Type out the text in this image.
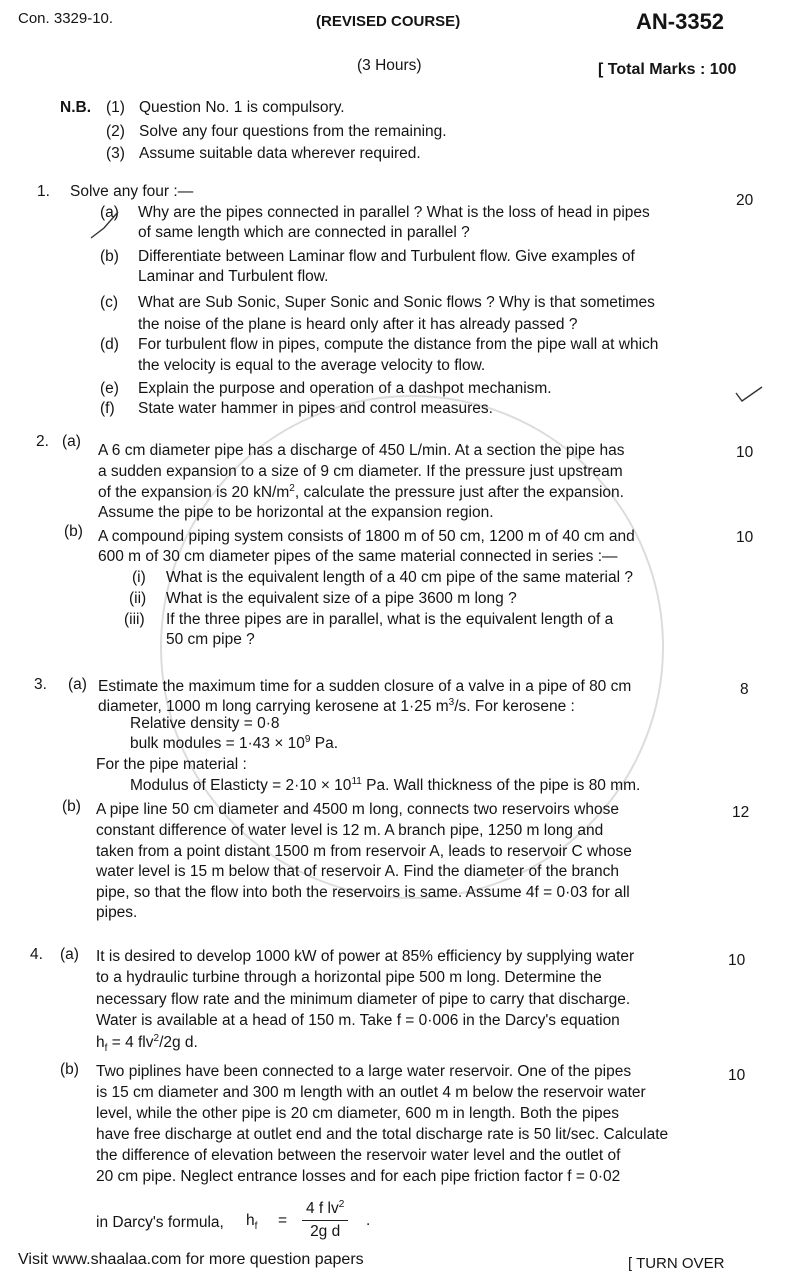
Con. 3329-10.	(REVISED COURSE)	AN-3352
(3 Hours)	[ Total Marks : 100
N.B. (1) Question No. 1 is compulsory.
(2) Solve any four questions from the remaining.
(3) Assume suitable data wherever required.
1. Solve any four :—
20
(a) Why are the pipes connected in parallel ? What is the loss of head in pipes
of same length which are connected in parallel ?
(b) Differentiate between Laminar flow and Turbulent flow. Give examples of
Laminar and Turbulent flow.
(c) What are Sub Sonic, Super Sonic and Sonic flows ? Why is that sometimes
the noise of the plane is heard only after it has already passed ?
(d) For turbulent flow in pipes, compute the distance from the pipe wall at which
the velocity is equal to the average velocity to flow.
(e) Explain the purpose and operation of a dashpot mechanism.
(f) State water hammer in pipes and control measures.
2. (a)
10
A 6 cm diameter pipe has a discharge of 450 L/min. At a section the pipe has
a sudden expansion to a size of 9 cm diameter. If the pressure just upstream
of the expansion is 20 $kN/m^2$, calculate the pressure just after the expansion.
Assume the pipe to be horizontal at the expansion region.
(b)	10
A compound piping system consists of 1800 m of 50 cm, 1200 m of 40 cm and
600 m of 30 cm diameter pipes of the same material connected in series :—
(i) What is the equivalent length of a 40 cm pipe of the same material ?
(ii) What is the equivalent size of a pipe 3600 m long ?
(iii) If the three pipes are in parallel, what is the equivalent length of a
50 cm pipe ?
3. (a)	8
Estimate the maximum time for a sudden closure of a valve in a pipe of 80 cm
diameter, 1000 m long carrying kerosene at 1·25 $m^3/s$. For kerosene :
Relative density = 0·8
bulk modules = $1\cdot 43 \times 10^9$ Pa.
For the pipe material :
Modulus of Elasticty = $2\cdot 10 \times 10^{11}$ Pa. Wall thickness of the pipe is 80 mm.
(b)	12
A pipe line 50 cm diameter and 4500 m long, connects two reservoirs whose
constant difference of water level is 12 m. A branch pipe, 1250 m long and
taken from a point distant 1500 m from reservoir A, leads to reservoir C whose
water level is 15 m below that of reservoir A. Find the diameter of the branch
pipe, so that the flow into both the reservoirs is same. Assume 4f = 0·03 for all
pipes.
4. (a)	10
It is desired to develop 1000 kW of power at 85% efficiency by supplying water
to a hydraulic turbine through a horizontal pipe 500 m long. Determine the
necessary flow rate and the minimum diameter of pipe to carry that discharge.
Water is available at a head of 150 m. Take f = 0·006 in the Darcy's equation
$h_f = 4$ flv$^2$/2g d.
(b)	10
Two piplines have been connected to a large water reservoir. One of the pipes
is 15 cm diameter and 300 m length with an outlet 4 m below the reservoir water
level, while the other pipe is 20 cm diameter, 600 m in length. Both the pipes
have free discharge at outlet end and the total discharge rate is 50 lit/sec. Calculate
the difference of elevation between the reservoir water level and the outlet of
20 cm pipe. Neglect entrance losses and for each pipe friction factor f = 0·02
in Darcy's formula, $h_f = \frac{4 f lv^2}{\text{2g d}}$ .
Visit www.shaalaa.com for more question papers	[ TURN OVER
